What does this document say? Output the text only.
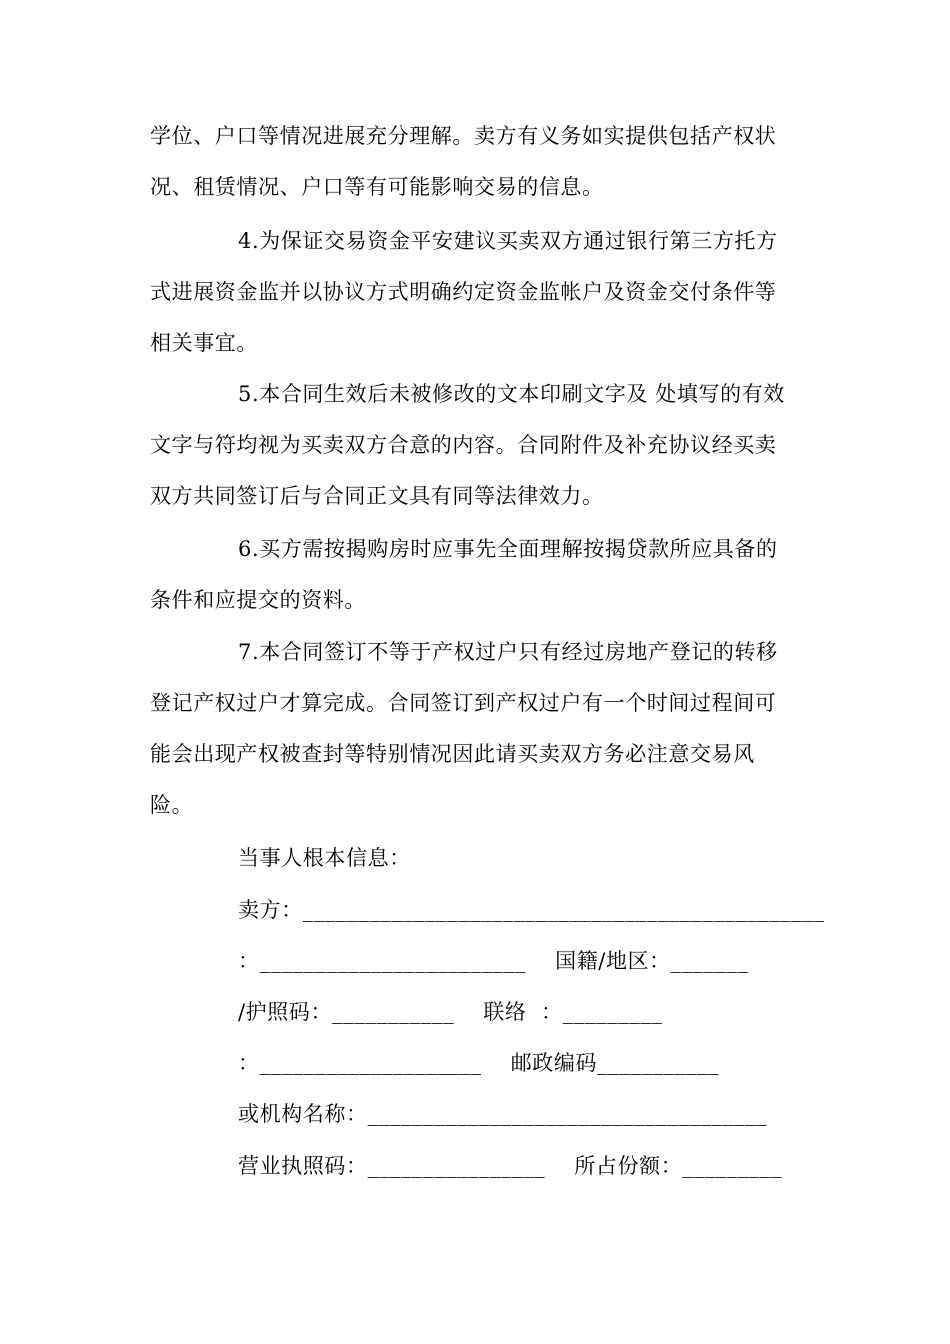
学位、户口等情况进展充分理解。卖方有义务如实提供包括产权状
况、租赁情况、户口等有可能影响交易的信息。
4.为保证交易资金平安建议买卖双方通过银行第三方托方
式进展资金监并以协议方式明确约定资金监帐户及资金交付条件等
相关事宜。
5.本合同生效后未被修改的文本印刷文字及 处填写的有效
文字与符均视为买卖双方合意的内容。合同附件及补充协议经买卖
双方共同签订后与合同正文具有同等法律效力。
6.买方需按揭购房时应事先全面理解按揭贷款所应具备的
条件和应提交的资料。
7.本合同签订不等于产权过户只有经过房地产登记的转移
登记产权过户才算完成。合同签订到产权过户有一个时间过程间可
能会出现产权被查封等特别情况因此请买卖双方务必注意交易风
险。
当事人根本信息：
卖方：_______________________________________________
：________________________    国籍/地区：_______
/护照码：___________    联络  ：_________
：____________________    邮政编码___________
或机构名称：____________________________________
营业执照码：________________    所占份额：_________
